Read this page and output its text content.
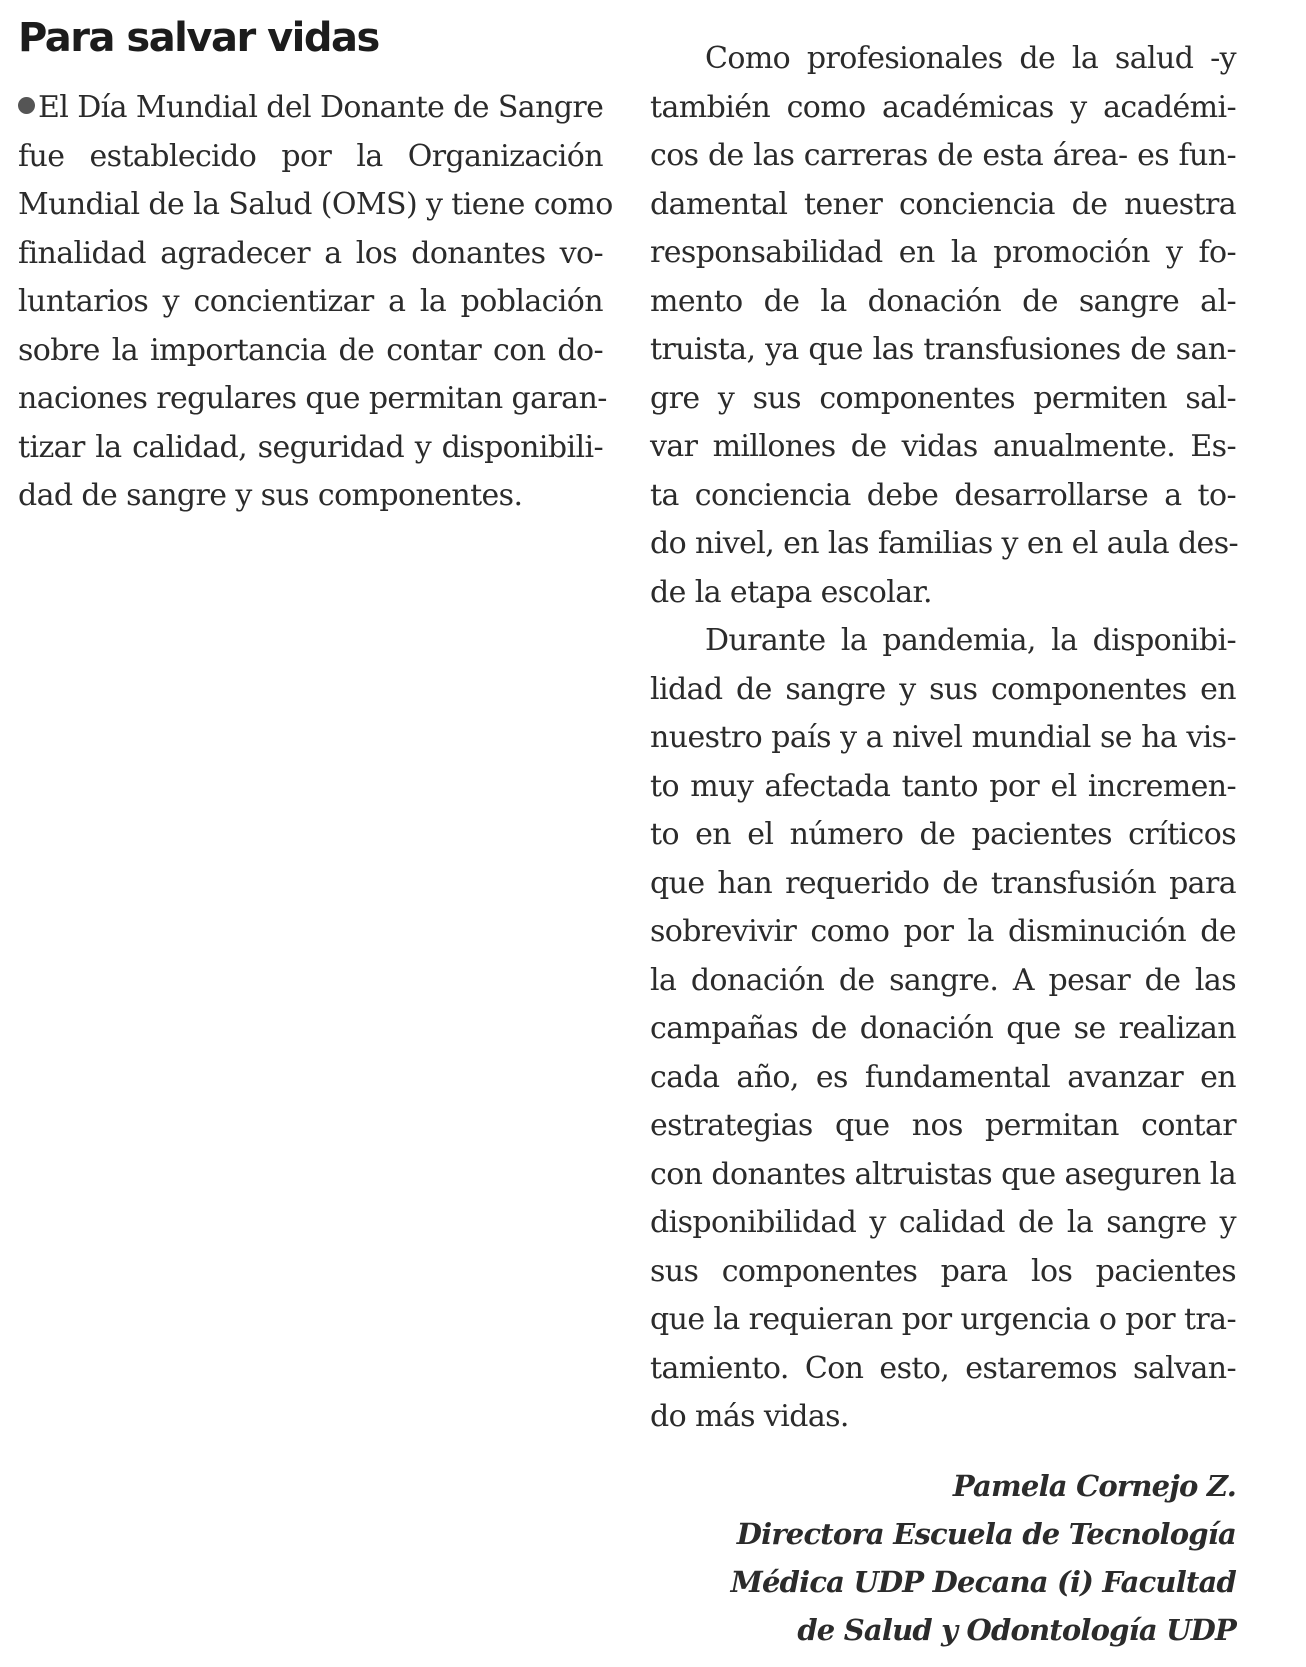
Para salvar vidas
El Día Mundial del Donante de Sangre
fue establecido por la Organización
Mundial de la Salud (OMS) y tiene como
finalidad agradecer a los donantes vo-
luntarios y concientizar a la población
sobre la importancia de contar con do-
naciones regulares que permitan garan-
tizar la calidad, seguridad y disponibili-
dad de sangre y sus componentes.
Como profesionales de la salud -y
también como académicas y académi-
cos de las carreras de esta área- es fun-
damental tener conciencia de nuestra
responsabilidad en la promoción y fo-
mento de la donación de sangre al-
truista, ya que las transfusiones de san-
gre y sus componentes permiten sal-
var millones de vidas anualmente. Es-
ta conciencia debe desarrollarse a to-
do nivel, en las familias y en el aula des-
de la etapa escolar.
Durante la pandemia, la disponibi-
lidad de sangre y sus componentes en
nuestro país y a nivel mundial se ha vis-
to muy afectada tanto por el incremen-
to en el número de pacientes críticos
que han requerido de transfusión para
sobrevivir como por la disminución de
la donación de sangre. A pesar de las
campañas de donación que se realizan
cada año, es fundamental avanzar en
estrategias que nos permitan contar
con donantes altruistas que aseguren la
disponibilidad y calidad de la sangre y
sus componentes para los pacientes
que la requieran por urgencia o por tra-
tamiento. Con esto, estaremos salvan-
do más vidas.
Pamela Cornejo Z.
Directora Escuela de Tecnología
Médica UDP Decana (i) Facultad
de Salud y Odontología UDP
